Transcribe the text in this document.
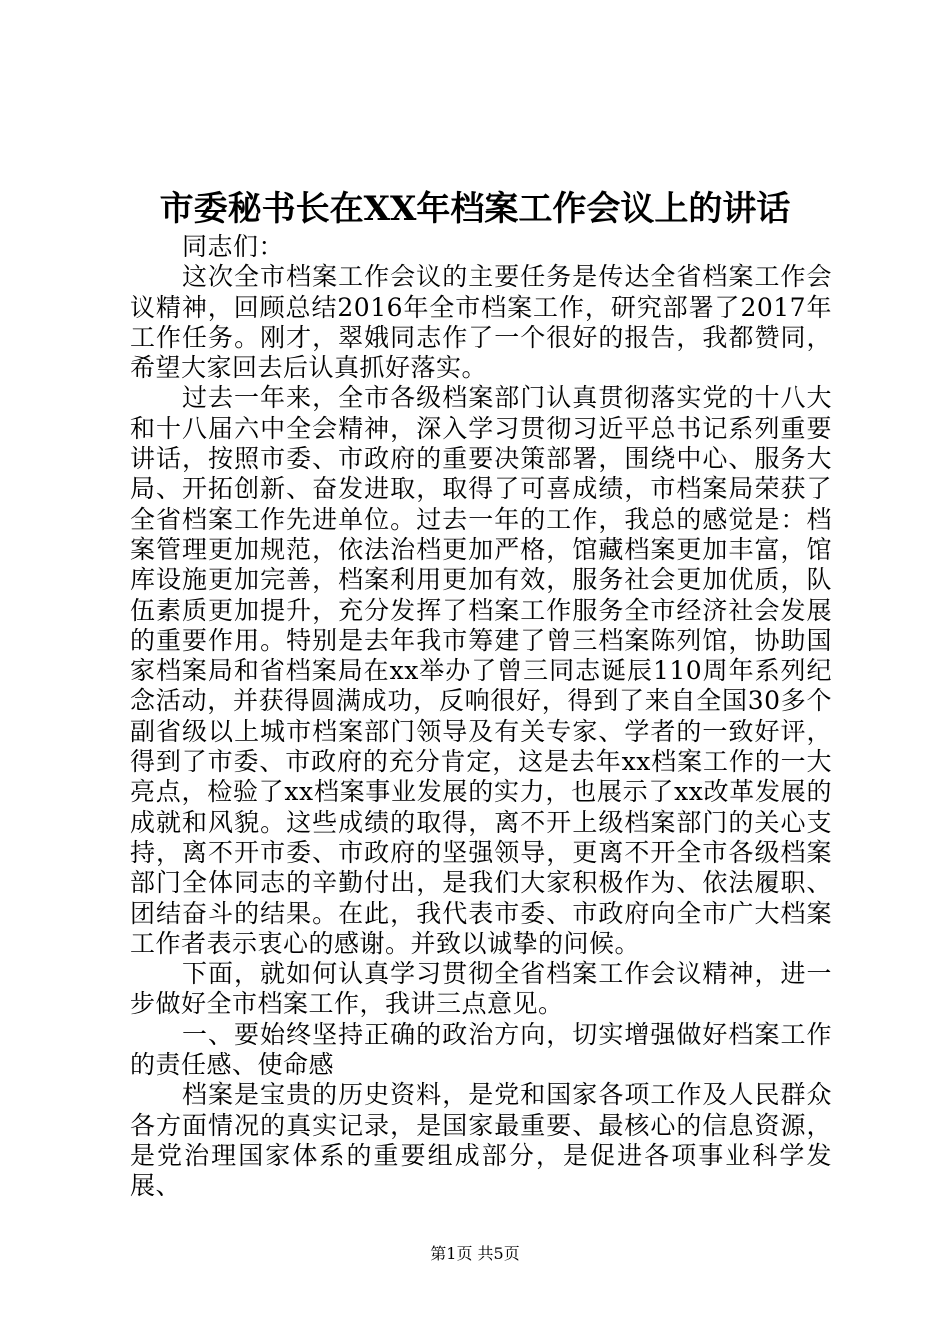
市委秘书长在XX年档案工作会议上的讲话

同志们：

这次全市档案工作会议的主要任务是传达全省档案工作会议精神，回顾总结2016年全市档案工作，研究部署了2017年工作任务。刚才，翠娥同志作了一个很好的报告，我都赞同，希望大家回去后认真抓好落实。

过去一年来，全市各级档案部门认真贯彻落实党的十八大和十八届六中全会精神，深入学习贯彻习近平总书记系列重要讲话，按照市委、市政府的重要决策部署，围绕中心、服务大局、开拓创新、奋发进取，取得了可喜成绩，市档案局荣获了全省档案工作先进单位。过去一年的工作，我总的感觉是：档案管理更加规范，依法治档更加严格，馆藏档案更加丰富，馆库设施更加完善，档案利用更加有效，服务社会更加优质，队伍素质更加提升，充分发挥了档案工作服务全市经济社会发展的重要作用。特别是去年我市筹建了曾三档案陈列馆，协助国家档案局和省档案局在xx举办了曾三同志诞辰110周年系列纪念活动，并获得圆满成功，反响很好，得到了来自全国30多个副省级以上城市档案部门领导及有关专家、学者的一致好评，得到了市委、市政府的充分肯定，这是去年xx档案工作的一大亮点，检验了xx档案事业发展的实力，也展示了xx改革发展的成就和风貌。这些成绩的取得，离不开上级档案部门的关心支持，离不开市委、市政府的坚强领导，更离不开全市各级档案部门全体同志的辛勤付出，是我们大家积极作为、依法履职、团结奋斗的结果。在此，我代表市委、市政府向全市广大档案工作者表示衷心的感谢。并致以诚挚的问候。

下面，就如何认真学习贯彻全省档案工作会议精神，进一步做好全市档案工作，我讲三点意见。

一、要始终坚持正确的政治方向，切实增强做好档案工作的责任感、使命感

档案是宝贵的历史资料，是党和国家各项工作及人民群众各方面情况的真实记录，是国家最重要、最核心的信息资源，是党治理国家体系的重要组成部分，是促进各项事业科学发展、

第1页 共5页
